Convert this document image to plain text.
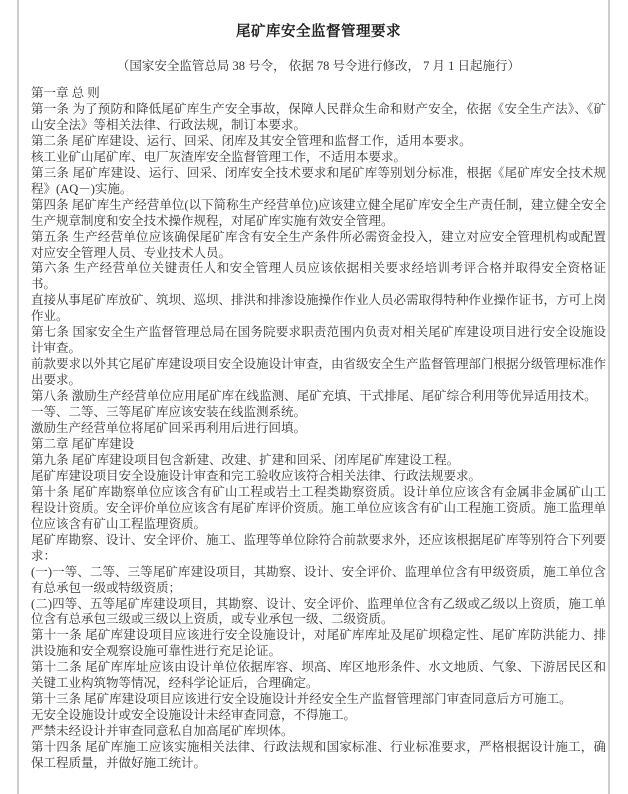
尾矿库安全监督管理要求

（国家安全监管总局 38 号令， 依据 78 号令进行修改， 7 月 1 日起施行）

第一章 总 则

第一条 为了预防和降低尾矿库生产安全事故，保障人民群众生命和财产安全，依据《安全生产法》、《矿山安全法》等相关法律、行政法规，制订本要求。

第二条 尾矿库建设、运行、回采、闭库及其安全管理和监督工作，适用本要求。

核工业矿山尾矿库、电厂灰渣库安全监督管理工作，不适用本要求。

第三条 尾矿库建设、运行、回采、闭库安全技术要求和尾矿库等别划分标准，根据《尾矿库安全技术规程》(AQ－)实施。

第四条 尾矿库生产经营单位(以下简称生产经营单位)应该建立健全尾矿库安全生产责任制，建立健全安全生产规章制度和安全技术操作规程，对尾矿库实施有效安全管理。

第五条 生产经营单位应该确保尾矿库含有安全生产条件所必需资金投入，建立对应安全管理机构或配置对应安全管理人员、专业技术人员。

第六条 生产经营单位关键责任人和安全管理人员应该依据相关要求经培训考评合格并取得安全资格证书。

直接从事尾矿库放矿、筑坝、巡坝、排洪和排渗设施操作作业人员必需取得特种作业操作证书，方可上岗作业。

第七条 国家安全生产监督管理总局在国务院要求职责范围内负责对相关尾矿库建设项目进行安全设施设计审查。

前款要求以外其它尾矿库建设项目安全设施设计审查，由省级安全生产监督管理部门根据分级管理标准作出要求。

第八条 激励生产经营单位应用尾矿库在线监测、尾矿充填、干式排尾、尾矿综合利用等优异适用技术。

一等、二等、三等尾矿库应该安装在线监测系统。

激励生产经营单位将尾矿回采再利用后进行回填。

第二章 尾矿库建设

第九条 尾矿库建设项目包含新建、改建、扩建和回采、闭库尾矿库建设工程。

尾矿库建设项目安全设施设计审查和完工验收应该符合相关法律、行政法规要求。

第十条 尾矿库勘察单位应该含有矿山工程或岩土工程类勘察资质。设计单位应该含有金属非金属矿山工程设计资质。安全评价单位应该含有尾矿库评价资质。施工单位应该含有矿山工程施工资质。施工监理单位应该含有矿山工程监理资质。

尾矿库勘察、设计、安全评价、施工、监理等单位除符合前款要求外，还应该根据尾矿库等别符合下列要求：

(一)一等、二等、三等尾矿库建设项目，其勘察、设计、安全评价、监理单位含有甲级资质，施工单位含有总承包一级或特级资质；

(二)四等、五等尾矿库建设项目，其勘察、设计、安全评价、监理单位含有乙级或乙级以上资质，施工单位含有总承包三级或三级以上资质，或专业承包一级、二级资质。

第十一条 尾矿库建设项目应该进行安全设施设计，对尾矿库库址及尾矿坝稳定性、尾矿库防洪能力、排洪设施和安全观察设施可靠性进行充足论证。

第十二条 尾矿库库址应该由设计单位依据库容、坝高、库区地形条件、水文地质、气象、下游居民区和关键工业构筑物等情况，经科学论证后，合理确定。

第十三条 尾矿库建设项目应该进行安全设施设计并经安全生产监督管理部门审查同意后方可施工。

无安全设施设计或安全设施设计未经审查同意，不得施工。

严禁未经设计并审查同意私自加高尾矿库坝体。

第十四条 尾矿库施工应该实施相关法律、行政法规和国家标准、行业标准要求，严格根据设计施工，确保工程质量，并做好施工统计。
